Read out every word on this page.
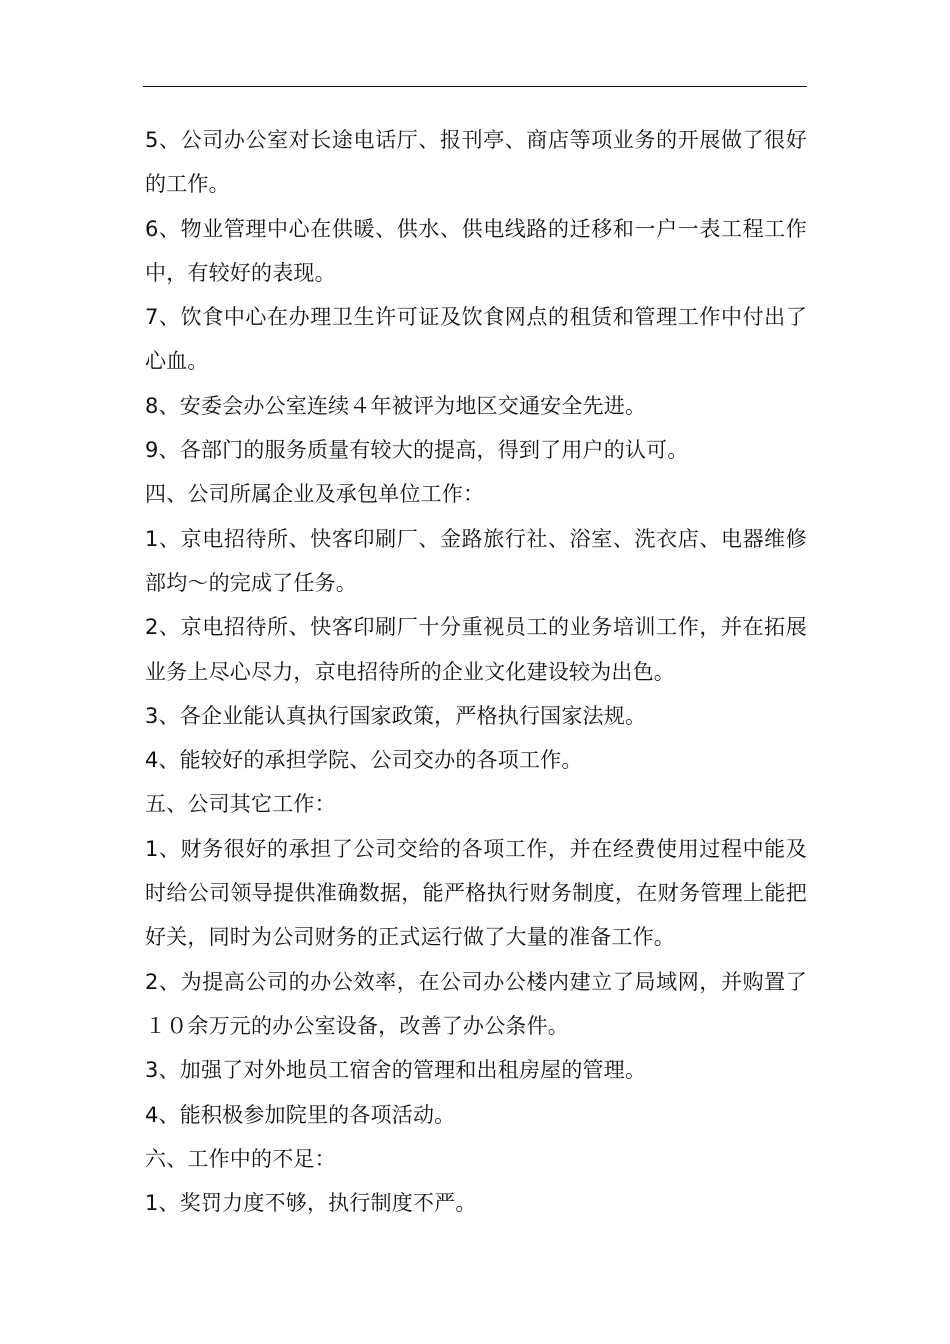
5、公司办公室对长途电话厅、报刊亭、商店等项业务的开展做了很好的工作。

6、物业管理中心在供暖、供水、供电线路的迁移和一户一表工程工作中，有较好的表现。

7、饮食中心在办理卫生许可证及饮食网点的租赁和管理工作中付出了心血。

8、安委会办公室连续４年被评为地区交通安全先进。

9、各部门的服务质量有较大的提高，得到了用户的认可。

四、公司所属企业及承包单位工作：

1、京电招待所、快客印刷厂、金路旅行社、浴室、洗衣店、电器维修部均～的完成了任务。

2、京电招待所、快客印刷厂十分重视员工的业务培训工作，并在拓展业务上尽心尽力，京电招待所的企业文化建设较为出色。

3、各企业能认真执行国家政策，严格执行国家法规。

4、能较好的承担学院、公司交办的各项工作。

五、公司其它工作：

1、财务很好的承担了公司交给的各项工作，并在经费使用过程中能及时给公司领导提供准确数据，能严格执行财务制度，在财务管理上能把好关，同时为公司财务的正式运行做了大量的准备工作。

2、为提高公司的办公效率，在公司办公楼内建立了局域网，并购置了１０余万元的办公室设备，改善了办公条件。

3、加强了对外地员工宿舍的管理和出租房屋的管理。

4、能积极参加院里的各项活动。

六、工作中的不足：

1、奖罚力度不够，执行制度不严。
